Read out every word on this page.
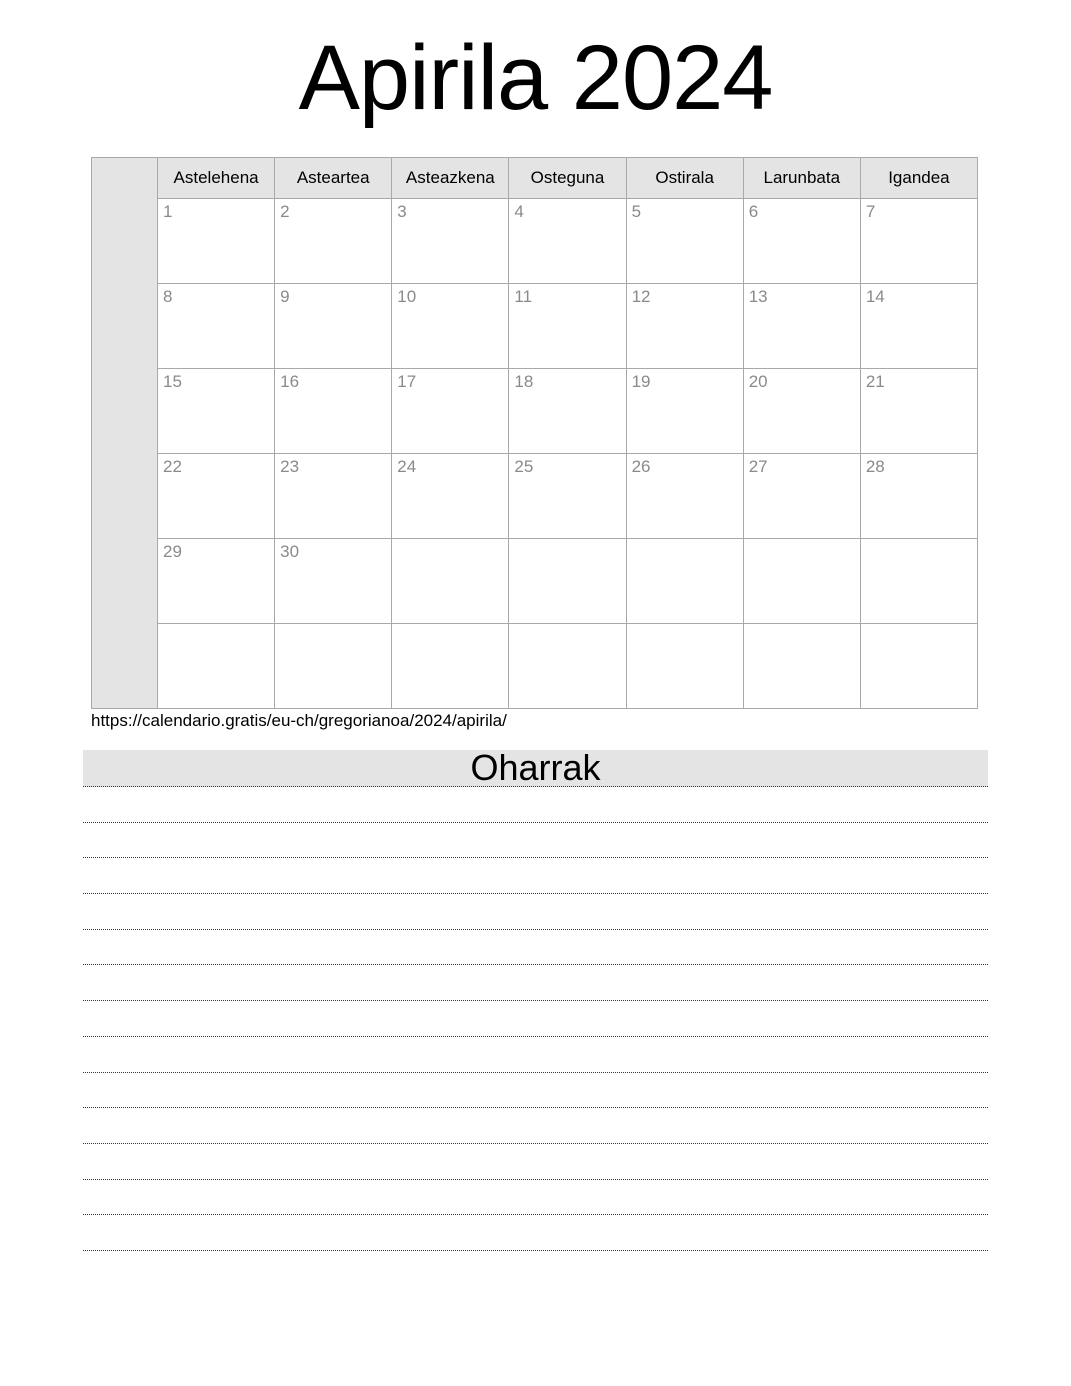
Apirila 2024
	Astelehena	Asteartea	Asteazkena	Osteguna	Ostirala	Larunbata	Igandea
	1	2	3	4	5	6	7
	8	9	10	11	12	13	14
	15	16	17	18	19	20	21
	22	23	24	25	26	27	28
	29	30					

https://calendario.gratis/eu-ch/gregorianoa/2024/apirila/
Oharrak
